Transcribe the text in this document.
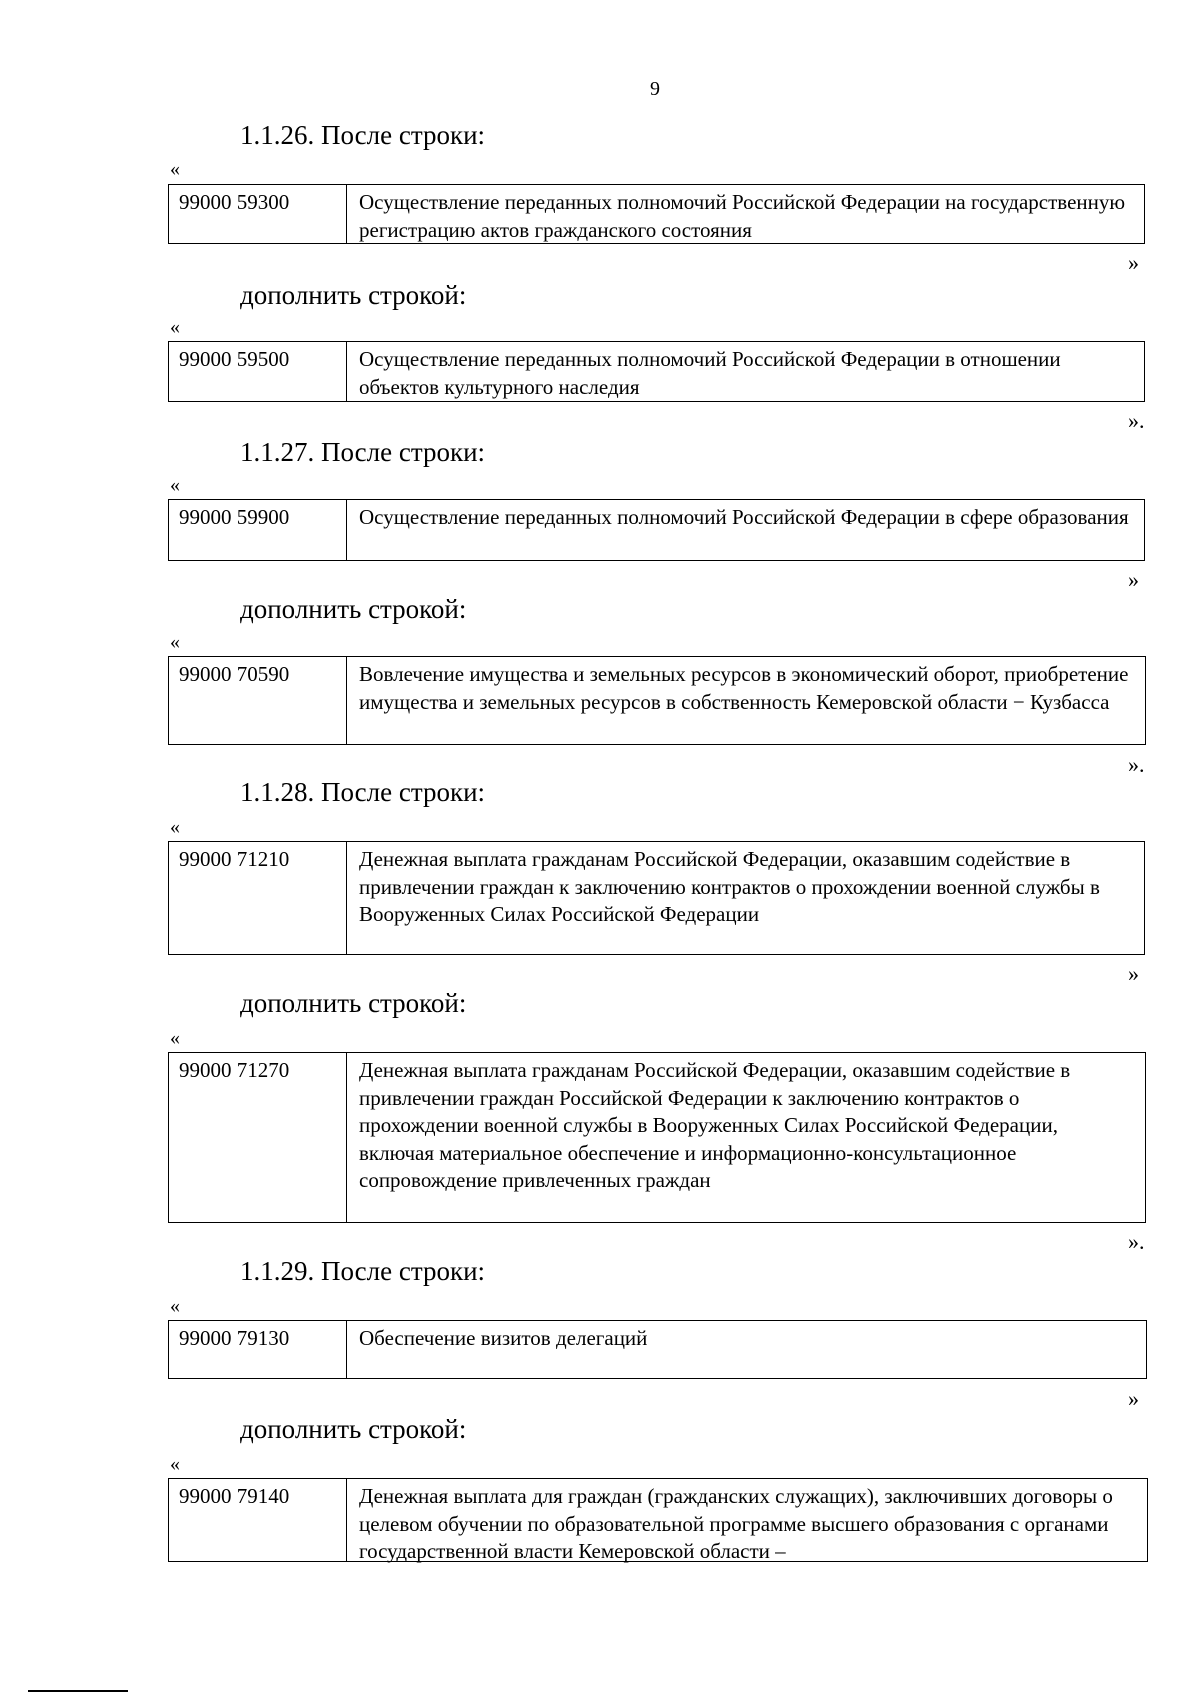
9
1.1.26. После строки:
«
99000 59300	Осуществление переданных полномочий Российской Федерации на государственную регистрацию актов гражданского состояния
»
дополнить строкой:
«
99000 59500	Осуществление переданных полномочий Российской Федерации в отношении объектов культурного наследия
».
1.1.27. После строки:
«
99000 59900	Осуществление переданных полномочий Российской Федерации в сфере образования
»
дополнить строкой:
«
99000 70590	Вовлечение имущества и земельных ресурсов в экономический оборот, приобретение имущества и земельных ресурсов в собственность Кемеровской области − Кузбасса
».
1.1.28. После строки:
«
99000 71210	Денежная выплата гражданам Российской Федерации, оказавшим содействие в привлечении граждан к заключению контрактов о прохождении военной службы в Вооруженных Силах Российской Федерации
»
дополнить строкой:
«
99000 71270	Денежная выплата гражданам Российской Федерации, оказавшим содействие в привлечении граждан Российской Федерации к заключению контрактов о прохождении военной службы в Вооруженных Силах Российской Федерации, включая материальное обеспечение и информационно-консультационное сопровождение привлеченных граждан
».
1.1.29. После строки:
«
99000 79130	Обеспечение визитов делегаций
»
дополнить строкой:
«
99000 79140	Денежная выплата для граждан (гражданских служащих), заключивших договоры о целевом обучении по образовательной программе высшего образования с органами государственной власти Кемеровской области –
